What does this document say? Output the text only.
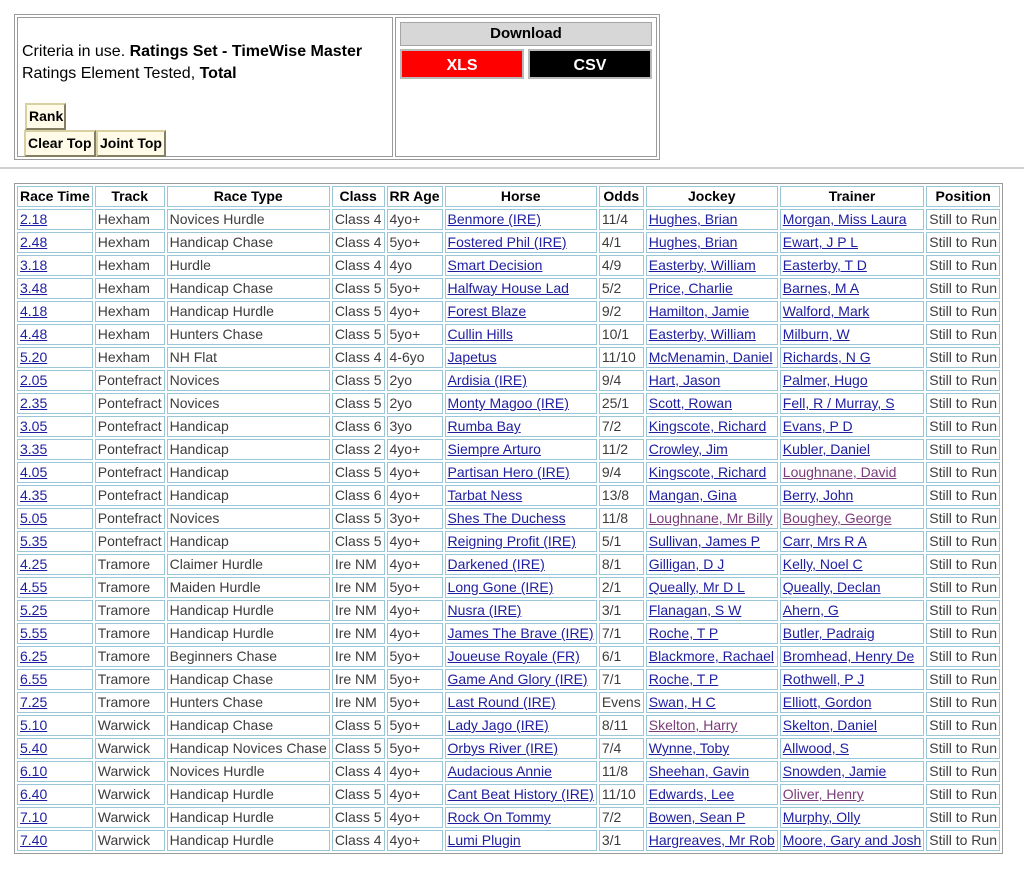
Criteria in use. Ratings Set - TimeWise Master
Ratings Element Tested, Total
Rank
Clear Top Joint Top
Download
XLS	CSV
Race Time	Track	Race Type	Class	RR Age	Horse	Odds	Jockey	Trainer	Position
2.18	Hexham	Novices Hurdle	Class 4	4yo+	Benmore (IRE)	11/4	Hughes, Brian	Morgan, Miss Laura	Still to Run
2.48	Hexham	Handicap Chase	Class 4	5yo+	Fostered Phil (IRE)	4/1	Hughes, Brian	Ewart, J P L	Still to Run
3.18	Hexham	Hurdle	Class 4	4yo	Smart Decision	4/9	Easterby, William	Easterby, T D	Still to Run
3.48	Hexham	Handicap Chase	Class 5	5yo+	Halfway House Lad	5/2	Price, Charlie	Barnes, M A	Still to Run
4.18	Hexham	Handicap Hurdle	Class 5	4yo+	Forest Blaze	9/2	Hamilton, Jamie	Walford, Mark	Still to Run
4.48	Hexham	Hunters Chase	Class 5	5yo+	Cullin Hills	10/1	Easterby, William	Milburn, W	Still to Run
5.20	Hexham	NH Flat	Class 4	4-6yo	Japetus	11/10	McMenamin, Daniel	Richards, N G	Still to Run
2.05	Pontefract	Novices	Class 5	2yo	Ardisia (IRE)	9/4	Hart, Jason	Palmer, Hugo	Still to Run
2.35	Pontefract	Novices	Class 5	2yo	Monty Magoo (IRE)	25/1	Scott, Rowan	Fell, R / Murray, S	Still to Run
3.05	Pontefract	Handicap	Class 6	3yo	Rumba Bay	7/2	Kingscote, Richard	Evans, P D	Still to Run
3.35	Pontefract	Handicap	Class 2	4yo+	Siempre Arturo	11/2	Crowley, Jim	Kubler, Daniel	Still to Run
4.05	Pontefract	Handicap	Class 5	4yo+	Partisan Hero (IRE)	9/4	Kingscote, Richard	Loughnane, David	Still to Run
4.35	Pontefract	Handicap	Class 6	4yo+	Tarbat Ness	13/8	Mangan, Gina	Berry, John	Still to Run
5.05	Pontefract	Novices	Class 5	3yo+	Shes The Duchess	11/8	Loughnane, Mr Billy	Boughey, George	Still to Run
5.35	Pontefract	Handicap	Class 5	4yo+	Reigning Profit (IRE)	5/1	Sullivan, James P	Carr, Mrs R A	Still to Run
4.25	Tramore	Claimer Hurdle	Ire NM	4yo+	Darkened (IRE)	8/1	Gilligan, D J	Kelly, Noel C	Still to Run
4.55	Tramore	Maiden Hurdle	Ire NM	5yo+	Long Gone (IRE)	2/1	Queally, Mr D L	Queally, Declan	Still to Run
5.25	Tramore	Handicap Hurdle	Ire NM	4yo+	Nusra (IRE)	3/1	Flanagan, S W	Ahern, G	Still to Run
5.55	Tramore	Handicap Hurdle	Ire NM	4yo+	James The Brave (IRE)	7/1	Roche, T P	Butler, Padraig	Still to Run
6.25	Tramore	Beginners Chase	Ire NM	5yo+	Joueuse Royale (FR)	6/1	Blackmore, Rachael	Bromhead, Henry De	Still to Run
6.55	Tramore	Handicap Chase	Ire NM	5yo+	Game And Glory (IRE)	7/1	Roche, T P	Rothwell, P J	Still to Run
7.25	Tramore	Hunters Chase	Ire NM	5yo+	Last Round (IRE)	Evens	Swan, H C	Elliott, Gordon	Still to Run
5.10	Warwick	Handicap Chase	Class 5	5yo+	Lady Jago (IRE)	8/11	Skelton, Harry	Skelton, Daniel	Still to Run
5.40	Warwick	Handicap Novices Chase	Class 5	5yo+	Orbys River (IRE)	7/4	Wynne, Toby	Allwood, S	Still to Run
6.10	Warwick	Novices Hurdle	Class 4	4yo+	Audacious Annie	11/8	Sheehan, Gavin	Snowden, Jamie	Still to Run
6.40	Warwick	Handicap Hurdle	Class 5	4yo+	Cant Beat History (IRE)	11/10	Edwards, Lee	Oliver, Henry	Still to Run
7.10	Warwick	Handicap Hurdle	Class 5	4yo+	Rock On Tommy	7/2	Bowen, Sean P	Murphy, Olly	Still to Run
7.40	Warwick	Handicap Hurdle	Class 4	4yo+	Lumi Plugin	3/1	Hargreaves, Mr Rob	Moore, Gary and Josh	Still to Run
